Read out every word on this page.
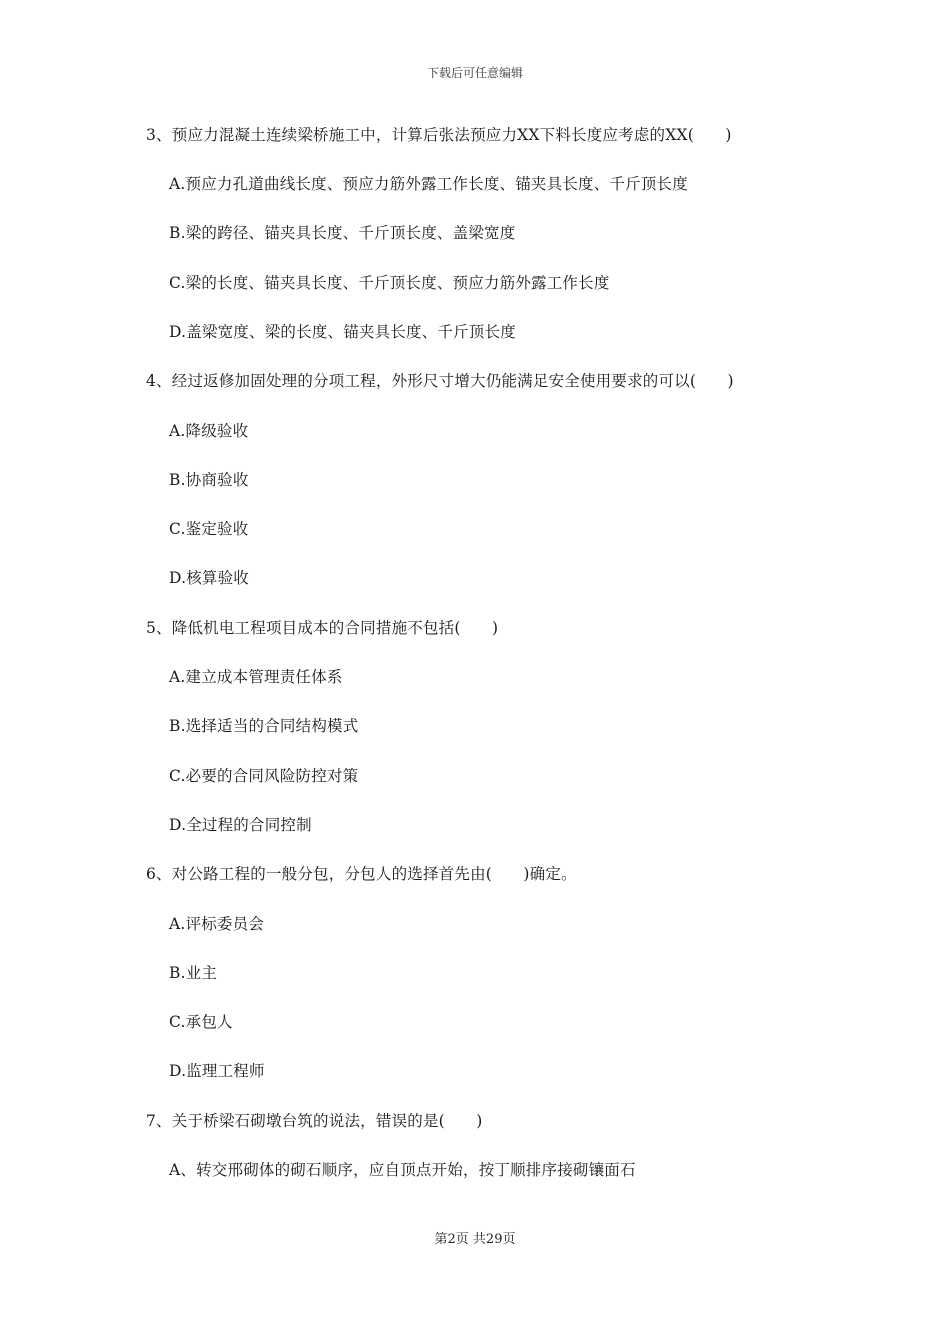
下载后可任意编辑
3、预应力混凝土连续梁桥施工中，计算后张法预应力XX下料长度应考虑的XX(　　)
A.预应力孔道曲线长度、预应力筋外露工作长度、锚夹具长度、千斤顶长度
B.梁的跨径、锚夹具长度、千斤顶长度、盖梁宽度
C.梁的长度、锚夹具长度、千斤顶长度、预应力筋外露工作长度
D.盖梁宽度、梁的长度、锚夹具长度、千斤顶长度
4、经过返修加固处理的分项工程，外形尺寸增大仍能满足安全使用要求的可以(　　)
A.降级验收
B.协商验收
C.鉴定验收
D.核算验收
5、降低机电工程项目成本的合同措施不包括(　　)
A.建立成本管理责任体系
B.选择适当的合同结构模式
C.必要的合同风险防控对策
D.全过程的合同控制
6、对公路工程的一般分包，分包人的选择首先由(　　)确定。
A.评标委员会
B.业主
C.承包人
D.监理工程师
7、关于桥梁石砌墩台筑的说法，错误的是(　　)
A、转交邢砌体的砌石顺序，应自顶点开始，按丁顺排序接砌镶面石
第2页 共29页
